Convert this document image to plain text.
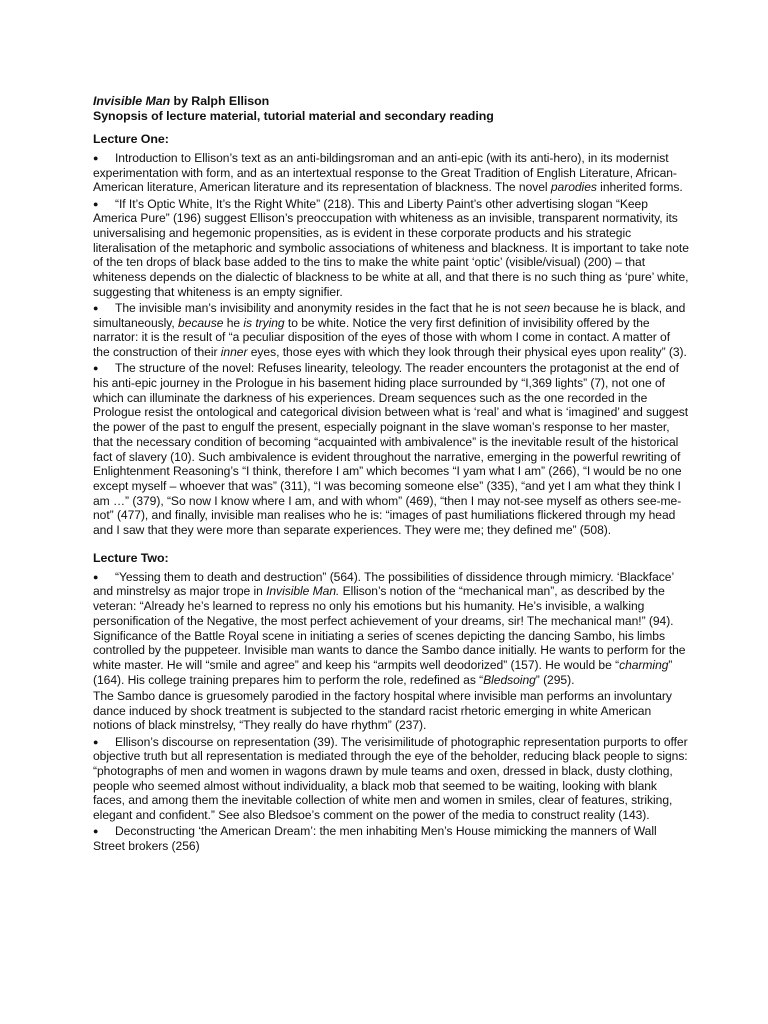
Invisible Man by Ralph Ellison
Synopsis of lecture material, tutorial material and secondary reading
Lecture One:

● Introduction to Ellison’s text as an anti-bildingsroman and an anti-epic (with its anti-hero), in its modernist experimentation with form, and as an intertextual response to the Great Tradition of English Literature, African-American literature, American literature and its representation of blackness. The novel parodies inherited forms.

● “If It’s Optic White, It’s the Right White” (218). This and Liberty Paint’s other advertising slogan “Keep America Pure” (196) suggest Ellison’s preoccupation with whiteness as an invisible, transparent normativity, its universalising and hegemonic propensities, as is evident in these corporate products and his strategic literalisation of the metaphoric and symbolic associations of whiteness and blackness. It is important to take note of the ten drops of black base added to the tins to make the white paint ‘optic’ (visible/visual) (200) – that whiteness depends on the dialectic of blackness to be white at all, and that there is no such thing as ‘pure’ white, suggesting that whiteness is an empty signifier.

● The invisible man’s invisibility and anonymity resides in the fact that he is not seen because he is black, and simultaneously, because he is trying to be white. Notice the very first definition of invisibility offered by the narrator: it is the result of “a peculiar disposition of the eyes of those with whom I come in contact. A matter of the construction of their inner eyes, those eyes with which they look through their physical eyes upon reality” (3).

● The structure of the novel: Refuses linearity, teleology. The reader encounters the protagonist at the end of his anti-epic journey in the Prologue in his basement hiding place surrounded by “I,369 lights” (7), not one of which can illuminate the darkness of his experiences. Dream sequences such as the one recorded in the Prologue resist the ontological and categorical division between what is ‘real’ and what is ‘imagined’ and suggest the power of the past to engulf the present, especially poignant in the slave woman’s response to her master, that the necessary condition of becoming “acquainted with ambivalence” is the inevitable result of the historical fact of slavery (10). Such ambivalence is evident throughout the narrative, emerging in the powerful rewriting of Enlightenment Reasoning’s “I think, therefore I am” which becomes “I yam what I am” (266), “I would be no one except myself – whoever that was” (311), “I was becoming someone else” (335), “and yet I am what they think I am …” (379), “So now I know where I am, and with whom” (469), “then I may not-see myself as others see-me-not” (477), and finally, invisible man realises who he is: “images of past humiliations flickered through my head and I saw that they were more than separate experiences. They were me; they defined me” (508).

Lecture Two:

● “Yessing them to death and destruction” (564). The possibilities of dissidence through mimicry. ‘Blackface’ and minstrelsy as major trope in Invisible Man. Ellison’s notion of the “mechanical man”, as described by the veteran: “Already he’s learned to repress no only his emotions but his humanity. He’s invisible, a walking personification of the Negative, the most perfect achievement of your dreams, sir! The mechanical man!” (94). Significance of the Battle Royal scene in initiating a series of scenes depicting the dancing Sambo, his limbs controlled by the puppeteer. Invisible man wants to dance the Sambo dance initially. He wants to perform for the white master. He will “smile and agree” and keep his “armpits well deodorized” (157). He would be “charming” (164). His college training prepares him to perform the role, redefined as “Bledsoing” (295).

The Sambo dance is gruesomely parodied in the factory hospital where invisible man performs an involuntary dance induced by shock treatment is subjected to the standard racist rhetoric emerging in white American notions of black minstrelsy, “They really do have rhythm” (237).

● Ellison’s discourse on representation (39). The verisimilitude of photographic representation purports to offer objective truth but all representation is mediated through the eye of the beholder, reducing black people to signs: “photographs of men and women in wagons drawn by mule teams and oxen, dressed in black, dusty clothing, people who seemed almost without individuality, a black mob that seemed to be waiting, looking with blank faces, and among them the inevitable collection of white men and women in smiles, clear of features, striking, elegant and confident.” See also Bledsoe’s comment on the power of the media to construct reality (143).

● Deconstructing ‘the American Dream’: the men inhabiting Men’s House mimicking the manners of Wall Street brokers (256)
